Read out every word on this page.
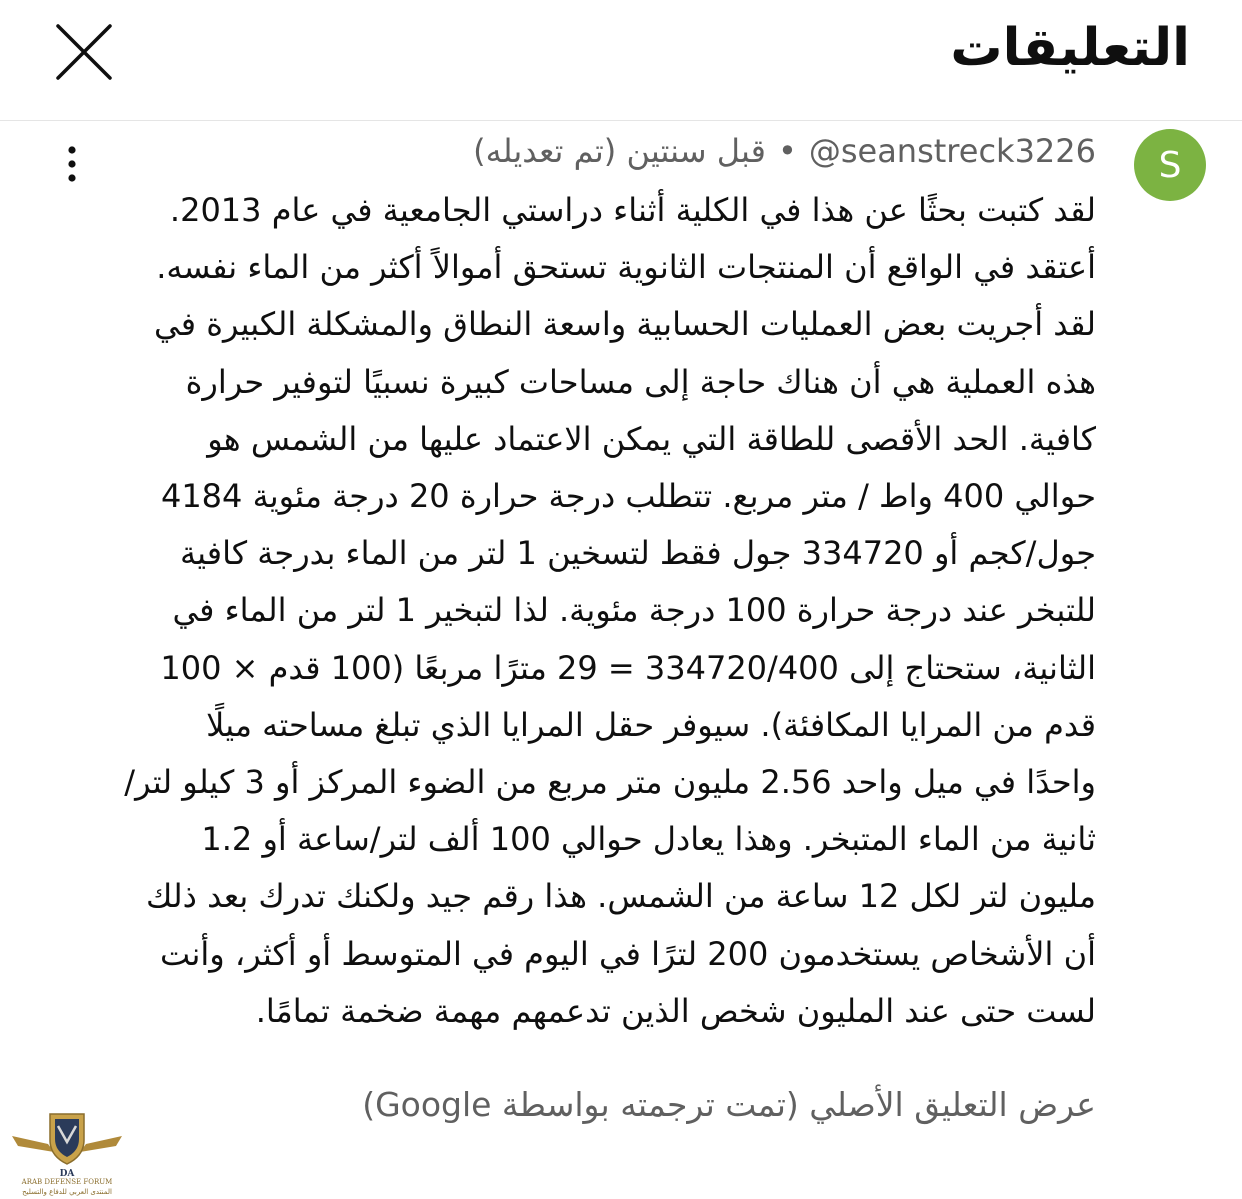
التعليقات
S
@seanstreck3226•قبل سنتين (تم تعديله)
لقد كتبت بحثًا عن هذا في الكلية أثناء دراستي الجامعية في عام 2013.
أعتقد في الواقع أن المنتجات الثانوية تستحق أموالاً أكثر من الماء نفسه.
لقد أجريت بعض العمليات الحسابية واسعة النطاق والمشكلة الكبيرة في
هذه العملية هي أن هناك حاجة إلى مساحات كبيرة نسبيًا لتوفير حرارة
كافية. الحد الأقصى للطاقة التي يمكن الاعتماد عليها من الشمس هو
حوالي 400 واط / متر مربع. تتطلب درجة حرارة 20 درجة مئوية 4184
جول/كجم أو 334720 جول فقط لتسخين 1 لتر من الماء بدرجة كافية
للتبخر عند درجة حرارة 100 درجة مئوية. لذا لتبخير 1 لتر من الماء في
الثانية، ستحتاج إلى 334720/400 = 29 مترًا مربعًا (100 قدم × 100
قدم من المرايا المكافئة). سيوفر حقل المرايا الذي تبلغ مساحته ميلًا
واحدًا في ميل واحد 2.56 مليون متر مربع من الضوء المركز أو 3 كيلو لتر/
ثانية من الماء المتبخر. وهذا يعادل حوالي 100 ألف لتر/ساعة أو 1.2
مليون لتر لكل 12 ساعة من الشمس. هذا رقم جيد ولكنك تدرك بعد ذلك
أن الأشخاص يستخدمون 200 لترًا في اليوم في المتوسط أو أكثر، وأنت
لست حتى عند المليون شخص الذين تدعمهم مهمة ضخمة تمامًا.
عرض التعليق الأصلي (تمت ترجمته بواسطة Google)
DA
ARAB DEFENSE FORUM
المنتدى العربي للدفاع والتسليح
